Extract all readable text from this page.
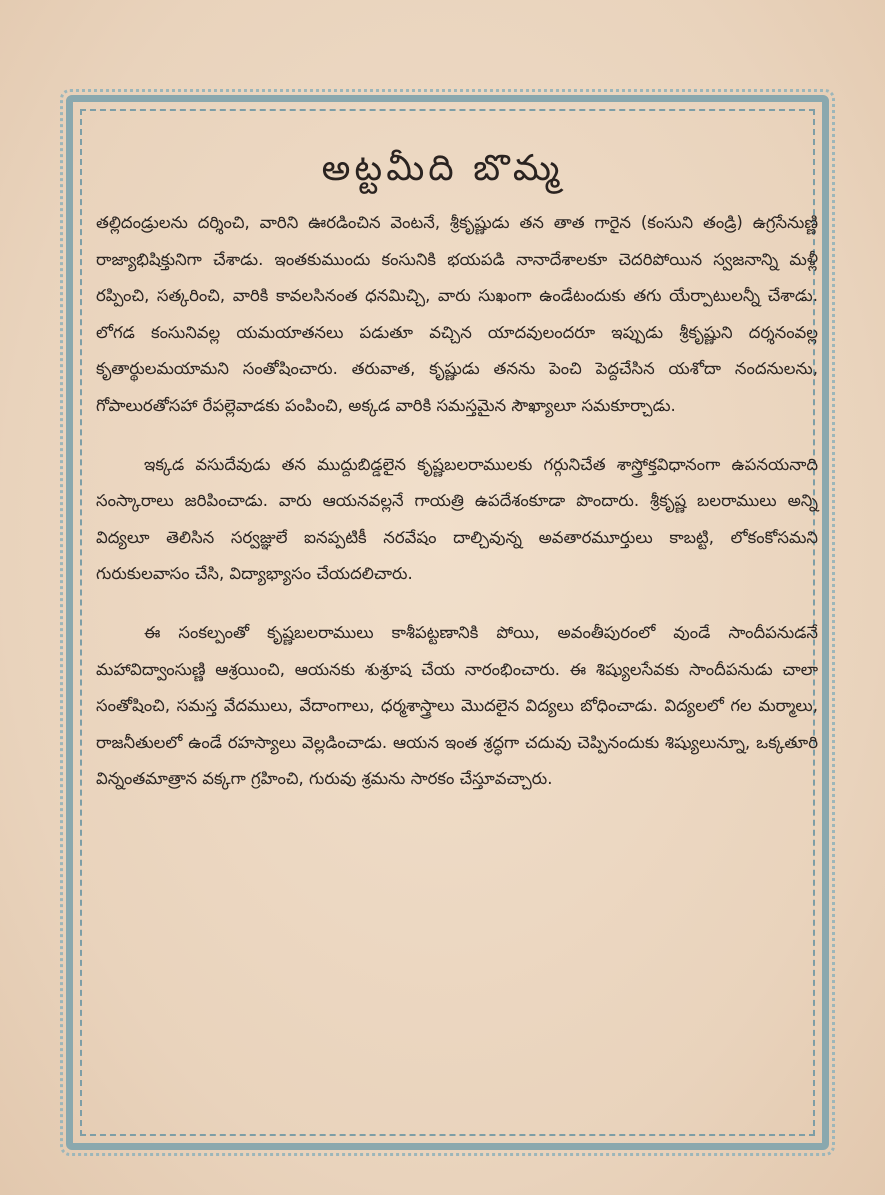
అట్టమీది బొమ్మ

తల్లిదండ్రులను దర్శించి, వారిని ఊరడించిన వెంటనే, శ్రీకృష్ణుడు తన తాత గారైన (కంసుని తండ్రి) ఉగ్రసేనుణ్ణి రాజ్యాభిషిక్తునిగా చేశాడు. ఇంతకుముందు కంసునికి భయపడి నానాదేశాలకూ చెదరిపోయిన స్వజనాన్ని మళ్లీ రప్పించి, సత్కరించి, వారికి కావలసినంత ధనమిచ్చి, వారు సుఖంగా ఉండేటందుకు తగు యేర్పాటులన్నీ చేశాడు. లోగడ కంసునివల్ల యమయాతనలు పడుతూ వచ్చిన యాదవులందరూ ఇప్పుడు శ్రీకృష్ణుని దర్శనంవల్ల కృతార్థులమయామని సంతోషించారు. తరువాత, కృష్ణుడు తనను పెంచి పెద్దచేసిన యశోదా నందనులను, గోపాలురతోసహా రేపల్లెవాడకు పంపించి, అక్కడ వారికి సమస్తమైన సౌఖ్యాలూ సమకూర్చాడు.

ఇక్కడ వసుదేవుడు తన ముద్దుబిడ్డలైన కృష్ణబలరాములకు గర్గునిచేత శాస్త్రోక్తవిధానంగా ఉపనయనాది సంస్కారాలు జరిపించాడు. వారు ఆయనవల్లనే గాయత్రి ఉపదేశంకూడా పొందారు. శ్రీకృష్ణ బలరాములు అన్ని విద్యలూ తెలిసిన సర్వజ్ఞులే ఐనప్పటికీ నరవేషం దాల్చివున్న అవతారమూర్తులు కాబట్టి, లోకంకోసమని గురుకులవాసం చేసి, విద్యాభ్యాసం చేయదలిచారు.

ఈ సంకల్పంతో కృష్ణబలరాములు కాశీపట్టణానికి పోయి, అవంతీపురంలో వుండే సాందీపనుడనే మహావిద్వాంసుణ్ణి ఆశ్రయించి, ఆయనకు శుశ్రూష చేయ నారంభించారు. ఈ శిష్యులసేవకు సాందీపనుడు చాలా సంతోషించి, సమస్త వేదములు, వేదాంగాలు, ధర్మశాస్త్రాలు మొదలైన విద్యలు బోధించాడు. విద్యలలో గల మర్మాలు, రాజనీతులలో ఉండే రహస్యాలు వెల్లడించాడు. ఆయన ఇంత శ్రద్ధగా చదువు చెప్పినందుకు శిష్యులున్నూ, ఒక్కతూరి విన్నంతమాత్రాన వక్కగా గ్రహించి, గురువు శ్రమను సారకం చేస్తూవచ్చారు.
